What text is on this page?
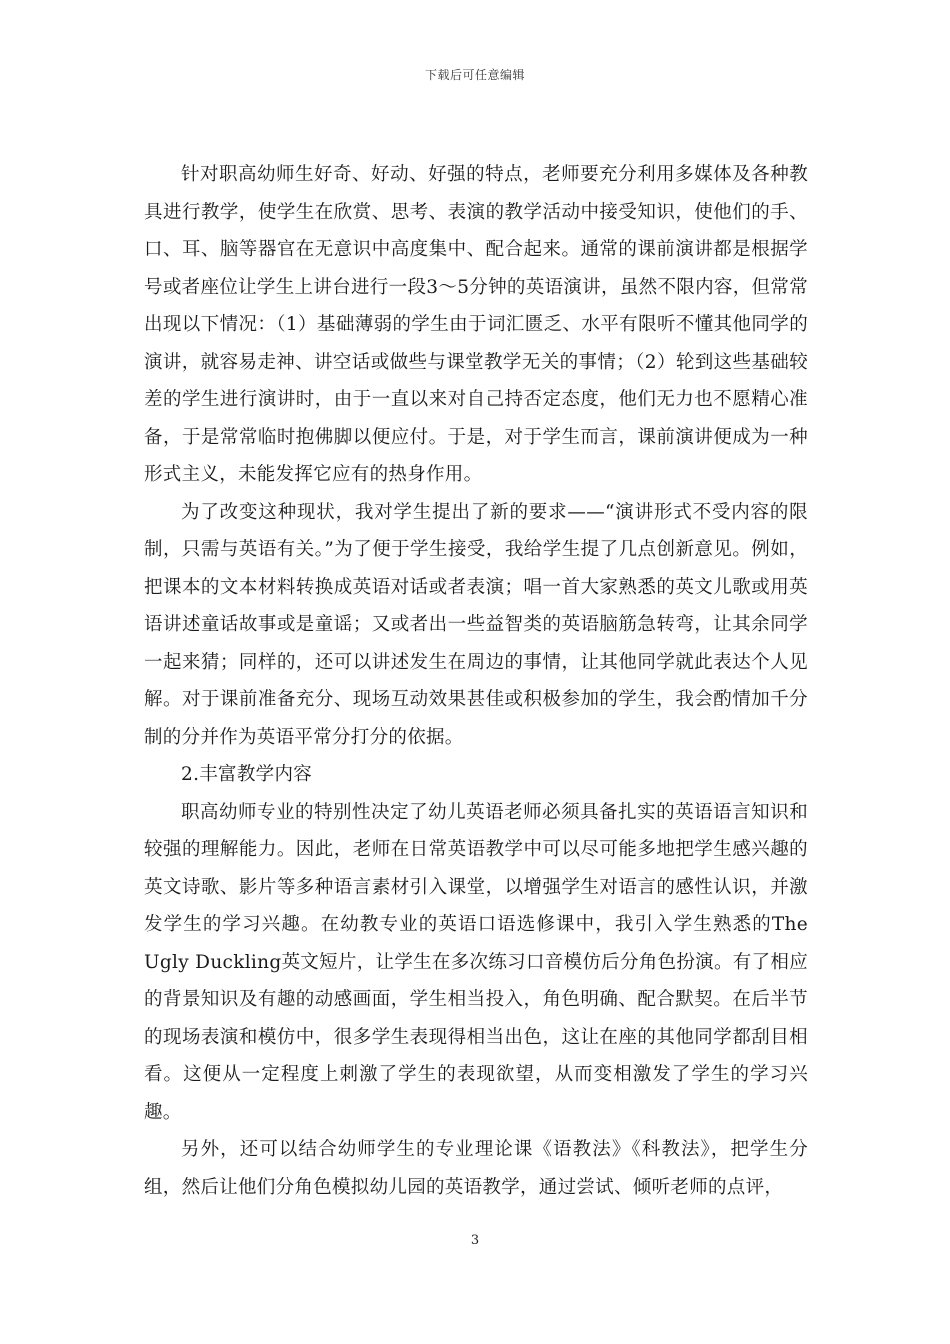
下载后可任意编辑

针对职高幼师生好奇、好动、好强的特点，老师要充分利用多媒体及各种教具进行教学，使学生在欣赏、思考、表演的教学活动中接受知识，使他们的手、口、耳、脑等器官在无意识中高度集中、配合起来。通常的课前演讲都是根据学号或者座位让学生上讲台进行一段3～5分钟的英语演讲，虽然不限内容，但常常出现以下情况：（1）基础薄弱的学生由于词汇匮乏、水平有限听不懂其他同学的演讲，就容易走神、讲空话或做些与课堂教学无关的事情；（2）轮到这些基础较差的学生进行演讲时，由于一直以来对自己持否定态度，他们无力也不愿精心准备，于是常常临时抱佛脚以便应付。于是，对于学生而言，课前演讲便成为一种形式主义，未能发挥它应有的热身作用。

为了改变这种现状，我对学生提出了新的要求——“演讲形式不受内容的限制，只需与英语有关。”为了便于学生接受，我给学生提了几点创新意见。例如，把课本的文本材料转换成英语对话或者表演；唱一首大家熟悉的英文儿歌或用英语讲述童话故事或是童谣；又或者出一些益智类的英语脑筋急转弯，让其余同学一起来猜；同样的，还可以讲述发生在周边的事情，让其他同学就此表达个人见解。对于课前准备充分、现场互动效果甚佳或积极参加的学生，我会酌情加千分制的分并作为英语平常分打分的依据。

2.丰富教学内容

职高幼师专业的特别性决定了幼儿英语老师必须具备扎实的英语语言知识和较强的理解能力。因此，老师在日常英语教学中可以尽可能多地把学生感兴趣的英文诗歌、影片等多种语言素材引入课堂，以增强学生对语言的感性认识，并激发学生的学习兴趣。在幼教专业的英语口语选修课中，我引入学生熟悉的The Ugly Duckling英文短片，让学生在多次练习口音模仿后分角色扮演。有了相应的背景知识及有趣的动感画面，学生相当投入，角色明确、配合默契。在后半节的现场表演和模仿中，很多学生表现得相当出色，这让在座的其他同学都刮目相看。这便从一定程度上刺激了学生的表现欲望，从而变相激发了学生的学习兴趣。

另外，还可以结合幼师学生的专业理论课《语教法》《科教法》，把学生分组，然后让他们分角色模拟幼儿园的英语教学，通过尝试、倾听老师的点评，

3
